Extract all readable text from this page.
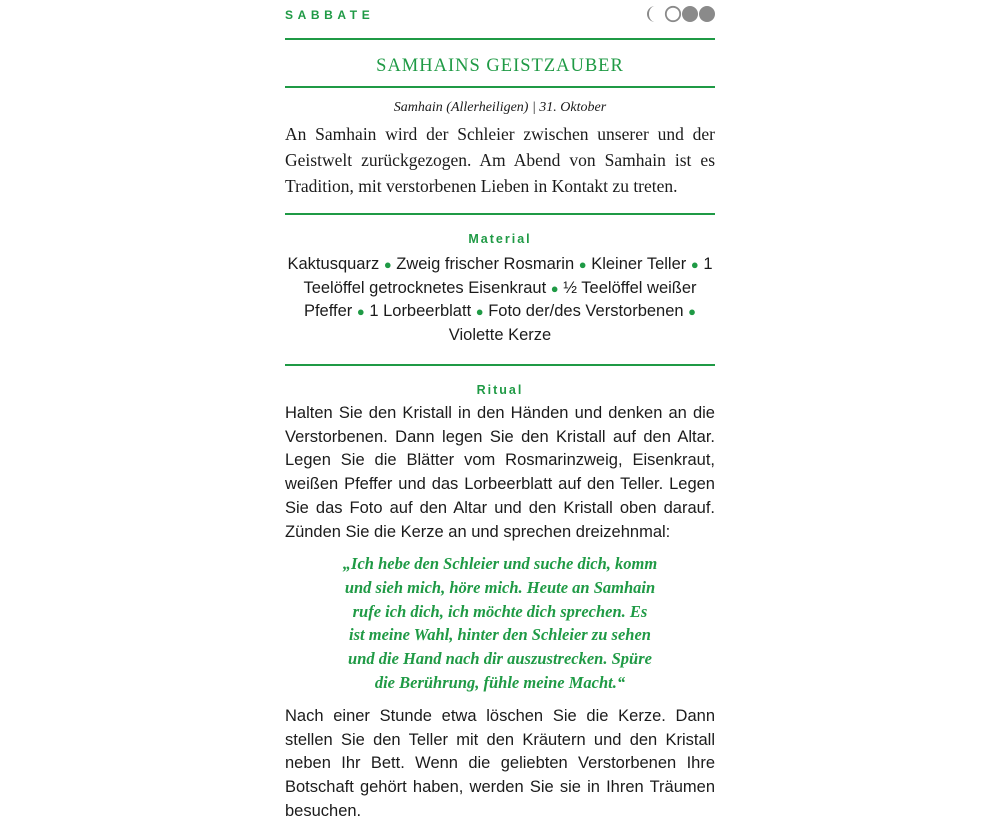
SABBATE
SAMHAINS GEISTZAUBER
Samhain (Allerheiligen) | 31. Oktober

An Samhain wird der Schleier zwischen unserer und der Geistwelt zurückgezogen. Am Abend von Samhain ist es Tradition, mit verstorbenen Lieben in Kontakt zu treten.

Material
Kaktusquarz ● Zweig frischer Rosmarin ● Kleiner Teller ● 1 Teelöffel getrocknetes Eisenkraut ● ½ Teelöffel weißer Pfeffer ● 1 Lorbeerblatt ● Foto der/des Verstorbenen ● Violette Kerze
Ritual

Halten Sie den Kristall in den Händen und denken an die Verstorbenen. Dann legen Sie den Kristall auf den Altar. Legen Sie die Blätter vom Rosmarinzweig, Eisenkraut, weißen Pfeffer und das Lorbeerblatt auf den Teller. Legen Sie das Foto auf den Altar und den Kristall oben darauf. Zünden Sie die Kerze an und sprechen dreizehnmal:

„Ich hebe den Schleier und suche dich, komm
und sieh mich, höre mich. Heute an Samhain
rufe ich dich, ich möchte dich sprechen. Es
ist meine Wahl, hinter den Schleier zu sehen
und die Hand nach dir auszustrecken. Spüre
die Berührung, fühle meine Macht.“

Nach einer Stunde etwa löschen Sie die Kerze. Dann stellen Sie den Teller mit den Kräutern und den Kristall neben Ihr Bett. Wenn die geliebten Verstorbenen Ihre Botschaft gehört haben, werden Sie sie in Ihren Träumen besuchen.
